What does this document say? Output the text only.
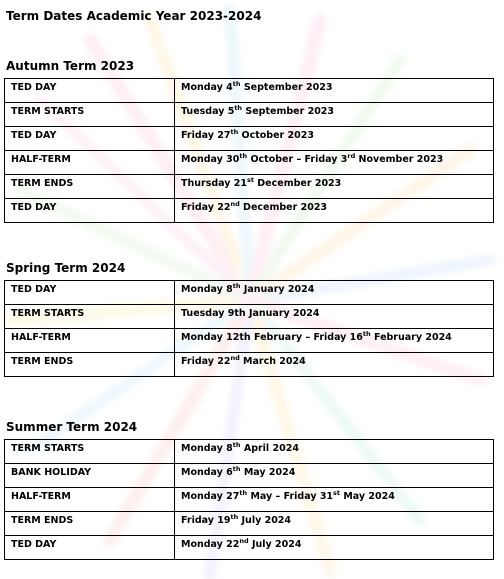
Term Dates Academic Year 2023-2024
Autumn Term 2023
TED DAY	Monday 4th September 2023
TERM STARTS	Tuesday 5th September 2023
TED DAY	Friday 27th October 2023
HALF-TERM	Monday 30th October – Friday 3rd November 2023
TERM ENDS	Thursday 21st December 2023
TED DAY	Friday 22nd December 2023
Spring Term 2024
TED DAY	Monday 8th January 2024
TERM STARTS	Tuesday 9th January 2024
HALF-TERM	Monday 12th February – Friday 16th February 2024
TERM ENDS	Friday 22nd March 2024
Summer Term 2024
TERM STARTS	Monday 8th April 2024
BANK HOLIDAY	Monday 6th May 2024
HALF-TERM	Monday 27th May – Friday 31st May 2024
TERM ENDS	Friday 19th July 2024
TED DAY	Monday 22nd July 2024
